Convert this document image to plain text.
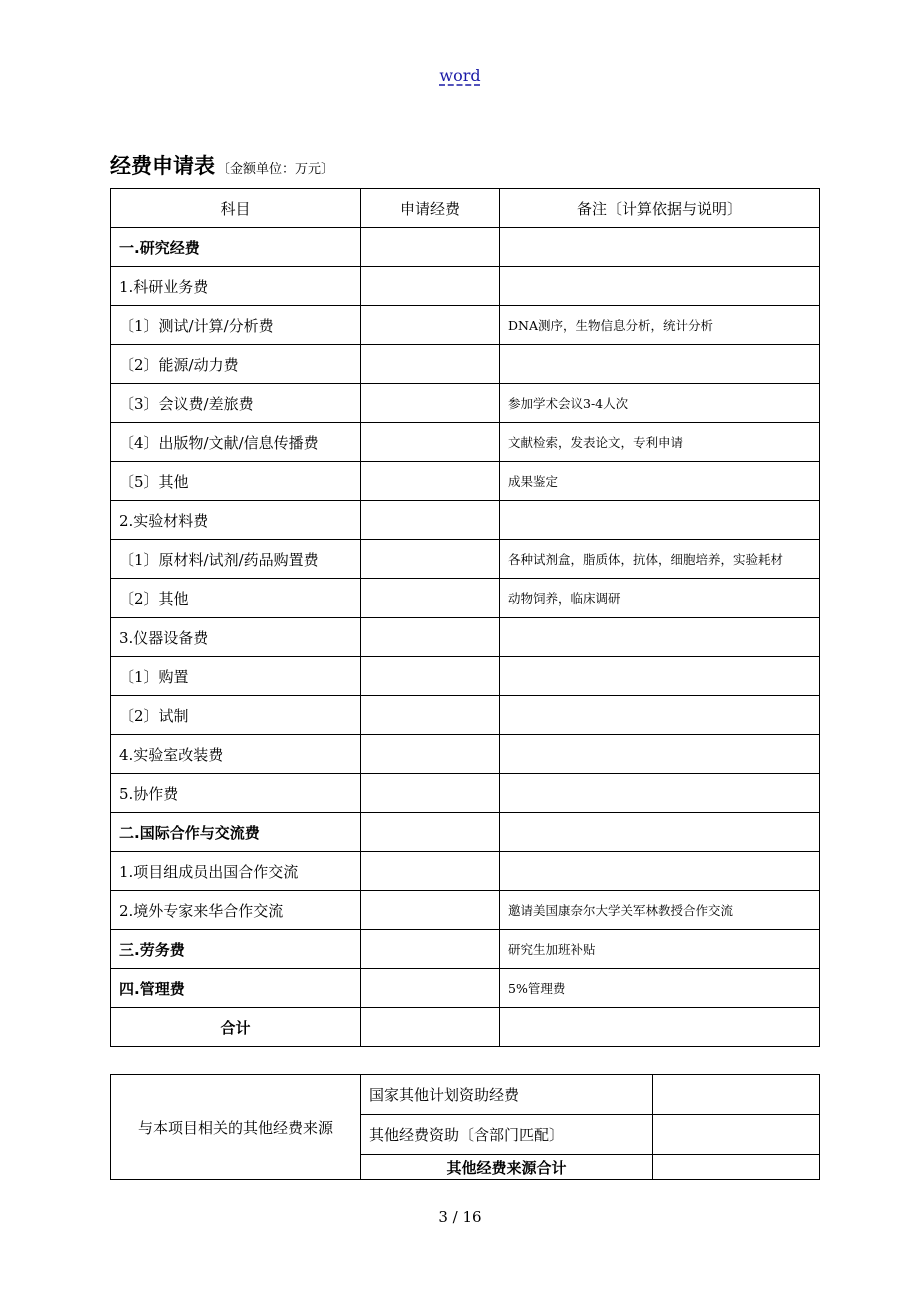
word
经费申请表 〔金额单位：万元〕
科目	申请经费	备注〔计算依据与说明〕
一.研究经费		
1.科研业务费		
〔1〕测试/计算/分析费		DNA测序，生物信息分析，统计分析
〔2〕能源/动力费		
〔3〕会议费/差旅费		参加学术会议3-4人次
〔4〕出版物/文献/信息传播费		文献检索，发表论文，专利申请
〔5〕其他		成果鉴定
2.实验材料费		
〔1〕原材料/试剂/药品购置费		各种试剂盒，脂质体，抗体，细胞培养，实验耗材
〔2〕其他		动物饲养，临床调研
3.仪器设备费		
〔1〕购置		
〔2〕试制		
4.实验室改装费		
5.协作费		
二.国际合作与交流费		
1.项目组成员出国合作交流		
2.境外专家来华合作交流		邀请美国康奈尔大学关军林教授合作交流
三.劳务费		研究生加班补贴
四.管理费		5%管理费
合计		
与本项目相关的其他经费来源	国家其他计划资助经费	
	其他经费资助〔含部门匹配〕	
	其他经费来源合计	
3 / 16
